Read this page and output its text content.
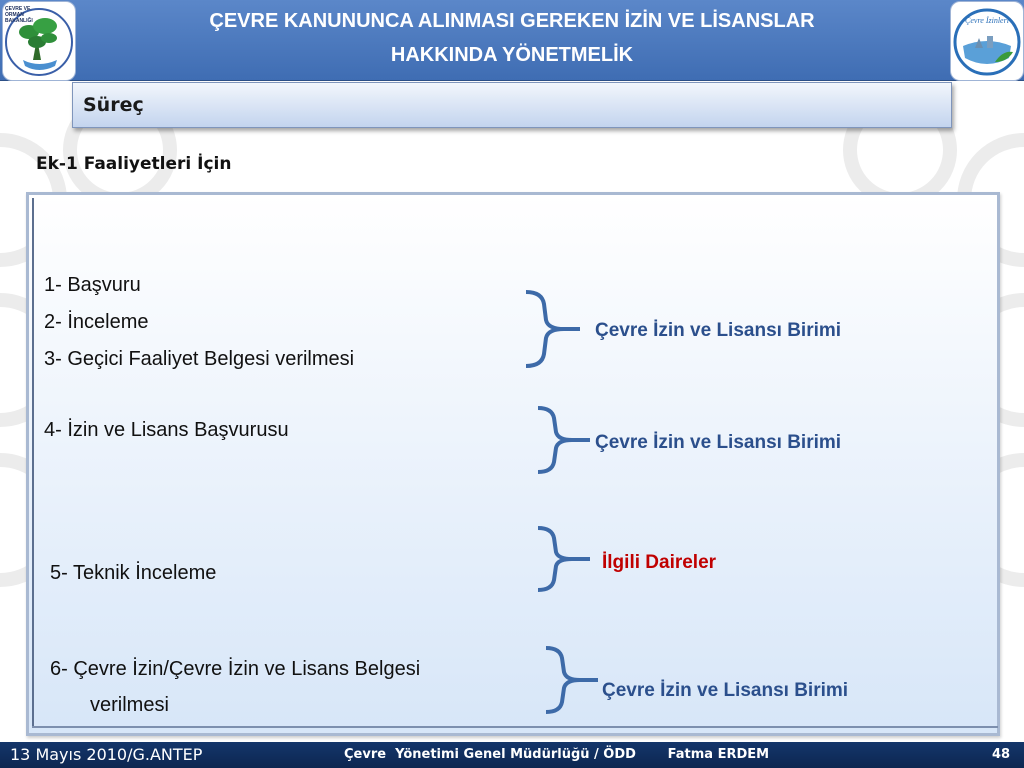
ÇEVRE VE ORMAN BAKANLIĞI	ÇEVRE KANUNUNCA ALINMASI GEREKEN İZİN VE LİSANSLAR
HAKKINDA YÖNETMELİK
Çevre İzinleri
Süreç
Ek-1 Faaliyetleri İçin
1- Başvuru
2- İnceleme
3- Geçici Faaliyet Belgesi verilmesi
4- İzin ve Lisans Başvurusu
5- Teknik İnceleme
6- Çevre İzin/Çevre İzin ve Lisans Belgesi
verilmesi
Çevre İzin ve Lisansı Birimi
Çevre İzin ve Lisansı Birimi
İlgili Daireler
Çevre İzin ve Lisansı Birimi
13 Mayıs 2010/G.ANTEP	Çevre  Yönetimi Genel Müdürlüğü / ÖDD       Fatma ERDEM	48
